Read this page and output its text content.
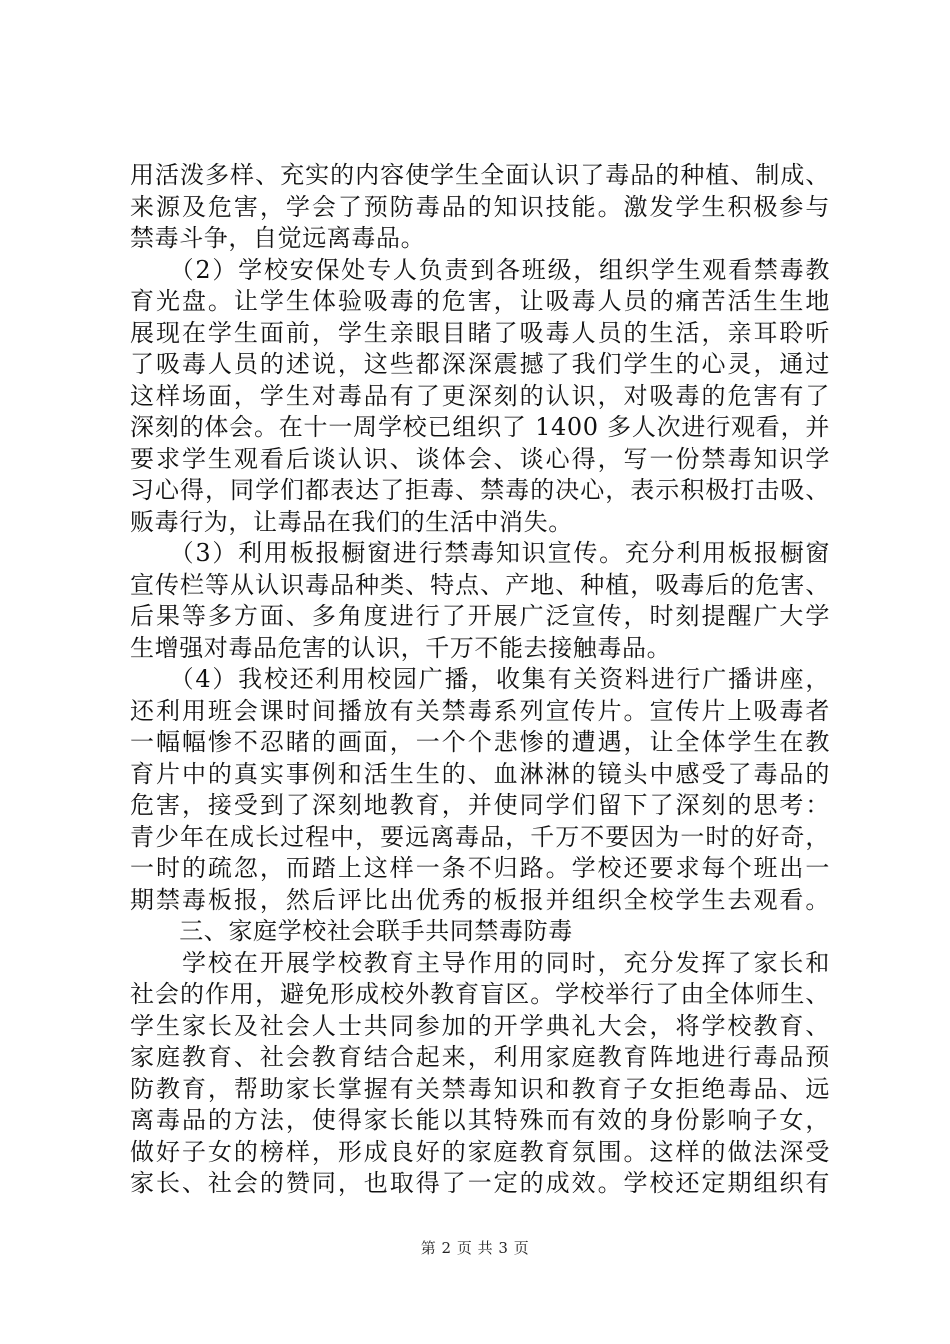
用活泼多样、充实的内容使学生全面认识了毒品的种植、制成、
来源及危害，学会了预防毒品的知识技能。激发学生积极参与
禁毒斗争，自觉远离毒品。
　　（2）学校安保处专人负责到各班级，组织学生观看禁毒教
育光盘。让学生体验吸毒的危害，让吸毒人员的痛苦活生生地
展现在学生面前，学生亲眼目睹了吸毒人员的生活，亲耳聆听
了吸毒人员的述说，这些都深深震撼了我们学生的心灵，通过
这样场面，学生对毒品有了更深刻的认识，对吸毒的危害有了
深刻的体会。在十一周学校已组织了 1400 多人次进行观看，并
要求学生观看后谈认识、谈体会、谈心得，写一份禁毒知识学
习心得，同学们都表达了拒毒、禁毒的决心，表示积极打击吸、
贩毒行为，让毒品在我们的生活中消失。
　　（3）利用板报橱窗进行禁毒知识宣传。充分利用板报橱窗
宣传栏等从认识毒品种类、特点、产地、种植，吸毒后的危害、
后果等多方面、多角度进行了开展广泛宣传，时刻提醒广大学
生增强对毒品危害的认识，千万不能去接触毒品。
　　（4）我校还利用校园广播，收集有关资料进行广播讲座，
还利用班会课时间播放有关禁毒系列宣传片。宣传片上吸毒者
一幅幅惨不忍睹的画面，一个个悲惨的遭遇，让全体学生在教
育片中的真实事例和活生生的、血淋淋的镜头中感受了毒品的
危害，接受到了深刻地教育，并使同学们留下了深刻的思考：
青少年在成长过程中，要远离毒品，千万不要因为一时的好奇，
一时的疏忽，而踏上这样一条不归路。学校还要求每个班出一
期禁毒板报，然后评比出优秀的板报并组织全校学生去观看。
　　三、家庭学校社会联手共同禁毒防毒
　　学校在开展学校教育主导作用的同时，充分发挥了家长和
社会的作用，避免形成校外教育盲区。学校举行了由全体师生、
学生家长及社会人士共同参加的开学典礼大会，将学校教育、
家庭教育、社会教育结合起来，利用家庭教育阵地进行毒品预
防教育，帮助家长掌握有关禁毒知识和教育子女拒绝毒品、远
离毒品的方法，使得家长能以其特殊而有效的身份影响子女，
做好子女的榜样，形成良好的家庭教育氛围。这样的做法深受
家长、社会的赞同，也取得了一定的成效。学校还定期组织有
第 2 页 共 3 页
